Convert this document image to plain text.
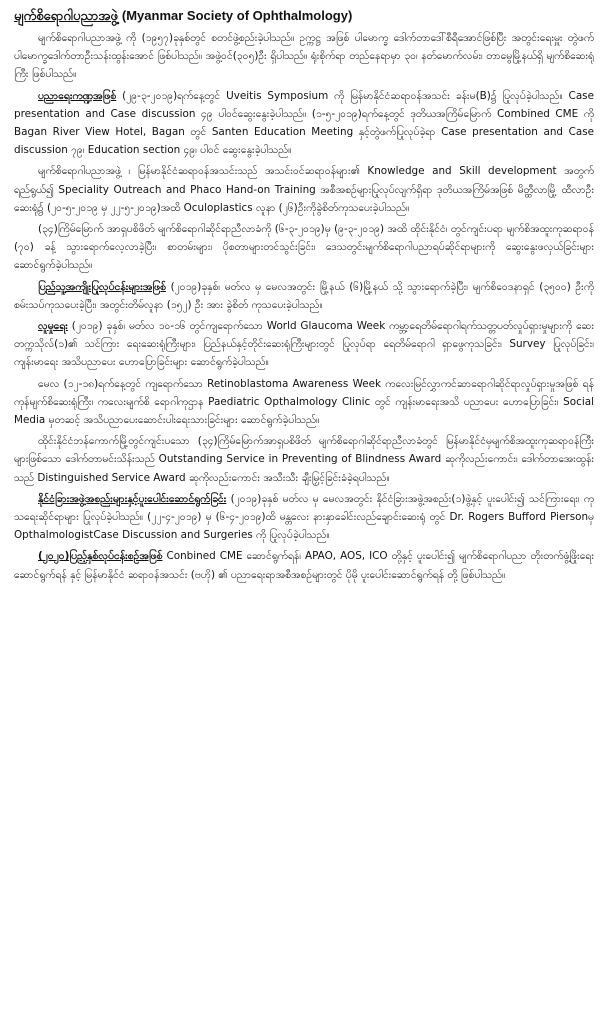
မျက်စိရောဂါပညာအဖွဲ့ (Myanmar Society of Ophthalmology)

မျက်စိရောဂါပညာအဖွဲ့ ကို (၁၉၅၇)ခုနှစ်တွင် စတင်ဖွဲ့စည်းခဲ့ပါသည်။ ဥက္ကဋ္ဌ အဖြစ် ပါမောက္ခ ဒေါက်တာဒေါ်စီရီအောင်ဖြစ်ပြီး အတွင်းရေးမှူး တွဲဖက်ပါမောက္ခဒေါက်တာဦးသန်းထွန်းအောင် ဖြစ်ပါသည်။ အဖွဲ့ဝင်(၃၀၅)ဦး ရှိပါသည်။ ရုံးစိုက်ရာ တည်နေရာမှာ ၃၀၊ နတ်မောက်လမ်း၊ တာမွေမြို့နယ်ရှိ မျက်စိဆေးရုံကြီး ဖြစ်ပါသည်။

ပညာရေးကဏ္ဍအဖြစ် (၂၉-၃-၂၀၁၉)ရက်နေ့တွင် Uveitis Symposium ကို မြန်မာနိုင်ငံဆရာဝန်အသင်း ခန်းမ(B)၌ ပြုလုပ်ခဲ့ပါသည်။ Case presentation and Case discussion ၄၉ ပါဝင်ဆွေးနွေးခဲ့ပါသည်။ (၁-၅-၂၀၁၉)ရက်နေ့တွင် ဒုတိယအကြိမ်မြောက် Combined CME ကို Bagan River View Hotel, Bagan တွင် Santen Education Meeting နှင့်တွဲဖက်ပြုလုပ်ခဲ့ရာ Case presentation and Case discussion ၇၉၊ Education section ၄၉၊ ပါဝင် ဆွေးနွေးခဲ့ပါသည်။

မျက်စိရောဂါပညာအဖွဲ့ ၊ မြန်မာနိုင်ငံဆရာဝန်အသင်းသည် အသင်းဝင်ဆရာဝန်များ၏ Knowledge and Skill development အတွက်ရည်ရွယ်၍ Speciality Outreach and Phaco Hand-on Training အစီအစဉ်များပြုလုပ်လျက်ရှိရာ ဒုတိယအကြိမ်အဖြစ် မိတ္ထီလာမြို့ ထီလာဦးဆေးရုံ၌ (၂၀-၅-၂၀၁၉ မှ ၂၂-၅-၂၀၁၉)အထိ Oculoplastics လူနာ (၂၆)ဦးကိုခွဲစိတ်ကုသပေးခဲ့ပါသည်။

(၃၄)ကြိမ်မြောက် အာရှပစိဖိတ် မျက်စိရောဂါဆိုင်ရာညီလာခံကို (၆-၃-၂၀၁၉)မှ (၉-၃-၂၀၁၉) အထိ ထိုင်းနိုင်ငံ၊ တွင်ကျင်းပရာ မျက်စိအထူးကုဆရာဝန် (၇၀) ခန့် သွားရောက်လေ့လာခဲ့ပြီး၊ စာတမ်းများ၊ ပိုစတာများတင်သွင်းခြင်း၊ ဒေသတွင်းမျက်စိရောဂါပညာရပ်ဆိုင်ရာများကို ဆွေးနွေးဖလှယ်ခြင်းများ ဆောင်ရွက်ခဲ့ပါသည်။

ပြည်သူ့အကျိုးပြုလုပ်ငန်းများအဖြစ် (၂၀၁၉)ခုနှစ်၊ မတ်လ မှ မေလအတွင်း မြို့နယ် (၆)မြို့နယ် သို့ သွားရောက်ခဲ့ပြီး၊ မျက်စိဝေဒနာရှင် (၃၅၀၀) ဦးကို စမ်းသပ်ကုသပေးခဲ့ပြီး၊ အတွင်းတိမ်လူနာ (၁၅၂) ဦး အား ခွဲစိတ် ကုသပေးခဲ့ပါသည်။

လူမှုရေး (၂၀၁၉) ခုနှစ်၊ မတ်လ ၁၀-၁၆ တွင်ကျရောက်သော World Glaucoma Week ကမ္ဘာ့ရေတိမ်ရောဂါရက်သတ္တပတ်လှုပ်ရှားမှုများကို ဆေးတက္ကသိုလ်(၁)၏ သင်ကြား ရေးဆေးရုံကြီးများ၊ ပြည်နယ်နှင့်တိုင်းဆေးရုံကြီးများတွင် ပြုလုပ်ရာ ရေတိမ်ရောဂါ ရှာဖွေကုသခြင်း၊ Survey ပြုလုပ်ခြင်း၊ ကျန်းမာရေး အသိပညာပေး ဟောပြောခြင်းများ ဆောင်ရွက်ခဲ့ပါသည်။

မေလ (၁၂-၁၈)ရက်နေ့တွင် ကျရောက်သော Retinoblastoma Awareness Week ကလေးမြင်လွှာကင်ဆာရောဂါဆိုင်ရာလှုပ်ရှားမှုအဖြစ် ရန်ကုန်မျက်စိဆေးရုံကြီး၊ ကလေးမျက်စိ ရောဂါကုဌာန Paediatric Opthalmology Clinic တွင် ကျန်းမာရေးအသိ ပညာပေး ဟောပြောခြင်း၊ Social Media မှတဆင့် အသိပညာပေးဆောင်းပါးရေးသားခြင်းများ ဆောင်ရွက်ခဲ့ပါသည်။

ထိုင်းနိုင်ငံဘန်ကောက်မြို့တွင်ကျင်းပသော (၃၄)ကြိမ်မြောက်အာရှပစိဖိတ် မျက်စိရောဂါဆိုင်ရာညီလာခံတွင် မြန်မာနိုင်ငံမှမျက်စိအထူးကုဆရာဝန်ကြီးများဖြစ်သော ဒေါက်တာမင်းသိန်းသည် Outstanding Service in Preventing of Blindness Award ဆုကိုလည်းကောင်း၊ ဒေါက်တာအေးထွန်းသည် Distinguished Service Award ဆုကိုလည်းကောင်း အသီးသီး ချီးမြှင့်ခြင်းခံခဲ့ရပါသည်။

နိုင်ငံခြားအဖွဲ့အစည်းများနှင့်ပူးပေါင်းဆောင်ရွက်ခြင်း (၂၀၁၉)ခုနှစ် မတ်လ မှ မေလအတွင်း နိုင်ငံခြားအဖွဲ့အစည်း(၁)ဖွဲ့နှင့် ပူးပေါင်း၍ သင်ကြားရေး၊ ကုသရေးဆိုင်ရာများ ပြုလုပ်ခဲ့ပါသည်။ (၂၂-၄-၂၀၁၉) မှ (၆-၄-၂၀၁၉)ထိ မန္တလေး နားနှာခေါင်းလည်ချောင်းဆေးရုံ တွင် Dr. Rogers Bufford Piersonမှ OpthalmologistCase Discussion and Surgeries ကို ပြုလုပ်ခဲ့ပါသည်။

(၂၀၂၀)ပြည့်နှစ်လုပ်ငန်းစဉ်အဖြစ် Conbined CME ဆောင်ရွက်ရန်၊ APAO, AOS, ICO တို့နှင့် ပူးပေါင်း၍ မျက်စိရောဂါပညာ တိုးတက်ဖွံ့ဖြိုးရေး ဆောင်ရွက်ရန် နှင့် မြန်မာနိုင်ငံ ဆရာဝန်အသင်း (ဗဟို) ၏ ပညာရေးရာအစီအစဉ်များတွင် ပိုမို ပူးပေါင်းဆောင်ရွက်ရန် တို့ ဖြစ်ပါသည်။
